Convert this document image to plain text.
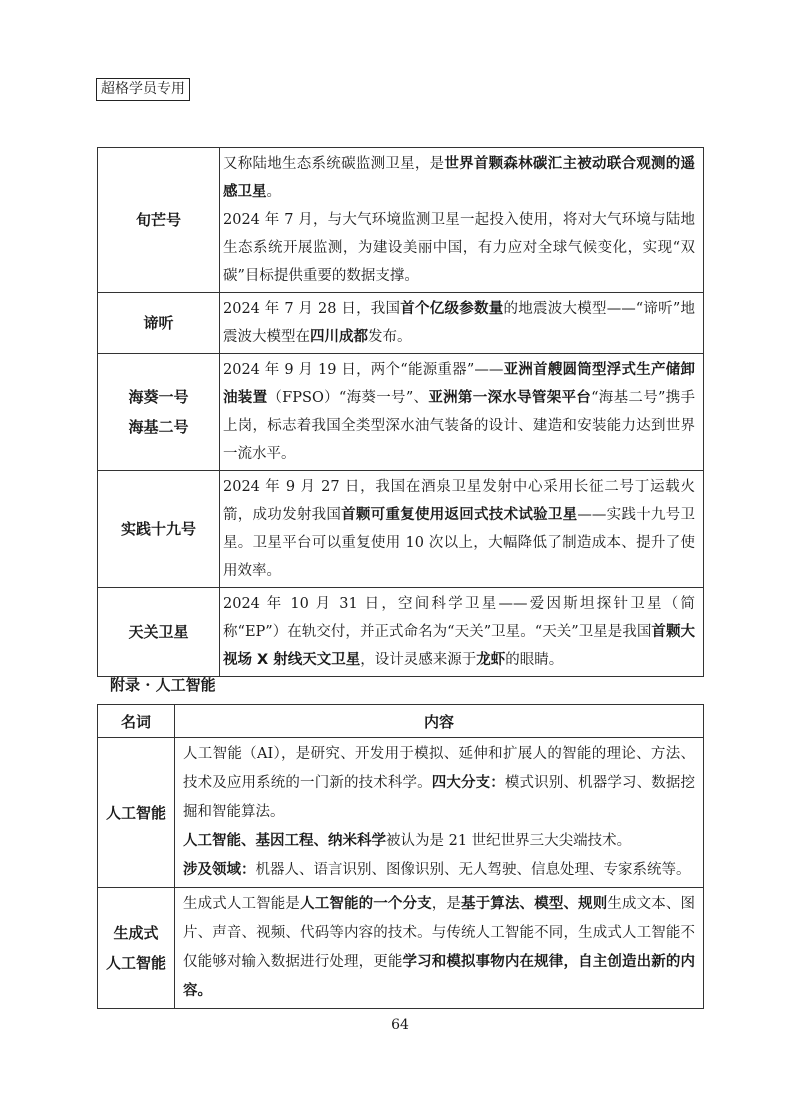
超格学员专用
旬芒号	又称陆地生态系统碳监测卫星，是世界首颗森林碳汇主被动联合观测的遥感卫星。

2024 年 7 月，与大气环境监测卫星一起投入使用，将对大气环境与陆地生态系统开展监测，为建设美丽中国，有力应对全球气候变化，实现“双碳”目标提供重要的数据支撑。

谛听	2024 年 7 月 28 日，我国首个亿级参数量的地震波大模型——“谛听”地震波大模型在四川成都发布。

海葵一号
海基二号	2024 年 9 月 19 日，两个“能源重器”——亚洲首艘圆筒型浮式生产储卸油装置（FPSO）“海葵一号”、亚洲第一深水导管架平台“海基二号”携手上岗，标志着我国全类型深水油气装备的设计、建造和安装能力达到世界一流水平。

实践十九号	2024 年 9 月 27 日，我国在酒泉卫星发射中心采用长征二号丁运载火箭，成功发射我国首颗可重复使用返回式技术试验卫星——实践十九号卫星。卫星平台可以重复使用 10 次以上，大幅降低了制造成本、提升了使用效率。

天关卫星	2024 年 10 月 31 日，空间科学卫星——爱因斯坦探针卫星（简称“EP”）在轨交付，并正式命名为“天关”卫星。“天关”卫星是我国首颗大视场 X 射线天文卫星，设计灵感来源于龙虾的眼睛。

附录 · 人工智能
名词	内容

人工智能	人工智能（AI），是研究、开发用于模拟、延伸和扩展人的智能的理论、方法、技术及应用系统的一门新的技术科学。四大分支：模式识别、机器学习、数据挖掘和智能算法。

人工智能、基因工程、纳米科学被认为是 21 世纪世界三大尖端技术。

涉及领域：机器人、语言识别、图像识别、无人驾驶、信息处理、专家系统等。

生成式
人工智能	生成式人工智能是人工智能的一个分支，是基于算法、模型、规则生成文本、图片、声音、视频、代码等内容的技术。与传统人工智能不同，生成式人工智能不仅能够对输入数据进行处理，更能学习和模拟事物内在规律，自主创造出新的内容。

64
